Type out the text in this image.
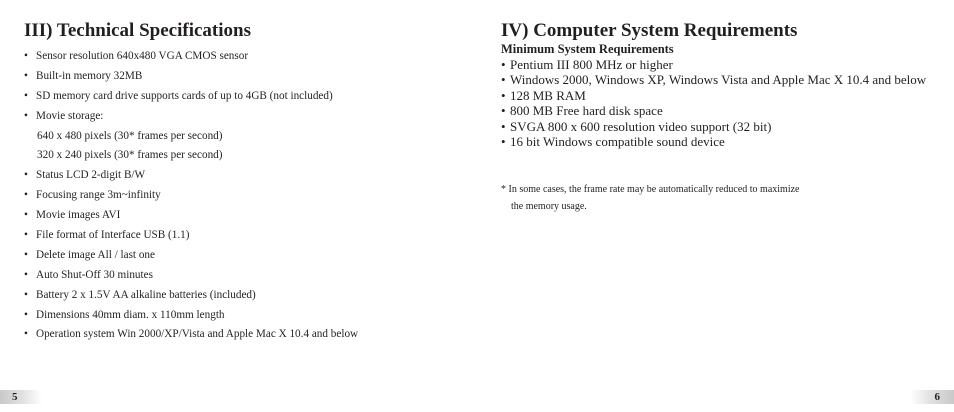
III) Technical Specifications
• Sensor resolution 640x480 VGA CMOS sensor
• Built-in memory 32MB
• SD memory card drive supports cards of up to 4GB (not included)
• Movie storage:
640 x 480 pixels (30* frames per second)
320 x 240 pixels (30* frames per second)
• Status LCD 2-digit B/W
• Focusing range 3m~infinity
• Movie images AVI
• File format of Interface USB (1.1)
• Delete image All / last one
• Auto Shut-Off 30 minutes
• Battery 2 x 1.5V AA alkaline batteries (included)
• Dimensions 40mm diam. x 110mm length
• Operation system Win 2000/XP/Vista and Apple Mac X 10.4 and below
5
IV) Computer System Requirements
Minimum System Requirements
• Pentium III 800 MHz or higher
• Windows 2000, Windows XP, Windows Vista and Apple Mac X 10.4 and below
• 128 MB RAM
• 800 MB Free hard disk space
• SVGA 800 x 600 resolution video support (32 bit)
• 16 bit Windows compatible sound device

* In some cases, the frame rate may be automatically reduced to maximize
the memory usage.

6
